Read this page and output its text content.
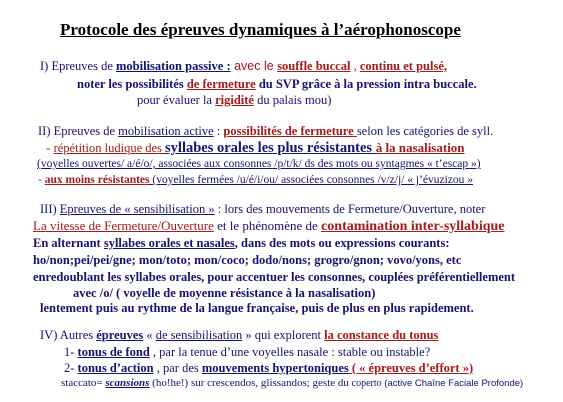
Protocole des épreuves dynamiques à l’aérophonoscope
I) Epreuves de mobilisation passive : avec le souffle buccal , continu et pulsé,
noter les possibilités de fermeture du SVP grâce à la pression intra buccale.
pour évaluer la rigidité du palais mou)
II) Epreuves de mobilisation active : possibilités de fermeture selon les catégories de syll.
- répétition ludique des syllabes orales les plus résistantes à la nasalisation
(voyelles ouvertes/ a/é/o/, associées aux consonnes /p/t/k/ ds des mots ou syntagmes « t’escap »)
- aux moins résistantes (voyelles fermées /u/é/i/ou/ associées consonnes /v/z/j/ « j’évuzizou »
III) Epreuves de « sensibilisation » : lors des mouvements de Fermeture/Ouverture, noter
La vitesse de Fermeture/Ouverture et le phénomène de contamination inter-syllabique
En alternant syllabes orales et nasales, dans des mots ou expressions courants:
ho/non;pei/pei/gne; mon/toto; mon/coco; dodo/nons; grogro/gnon; vovo/yons, etc
enredoublant les syllabes orales, pour accentuer les consonnes, couplées préférentiellement
avec /o/ ( voyelle de moyenne résistance à la nasalisation)
lentement puis au rythme de la langue française, puis de plus en plus rapidement.
IV) Autres épreuves « de sensibilisation » qui explorent la constance du tonus
1- tonus de fond , par la tenue d’une voyelles nasale : stable ou instable?
2- tonus d’action , par des mouvements hypertoniques ( « épreuves d’effort »)
staccato= scansions (ho!he!) sur crescendos, glissandos; geste du coperto (active Chaîne Faciale Profonde)
